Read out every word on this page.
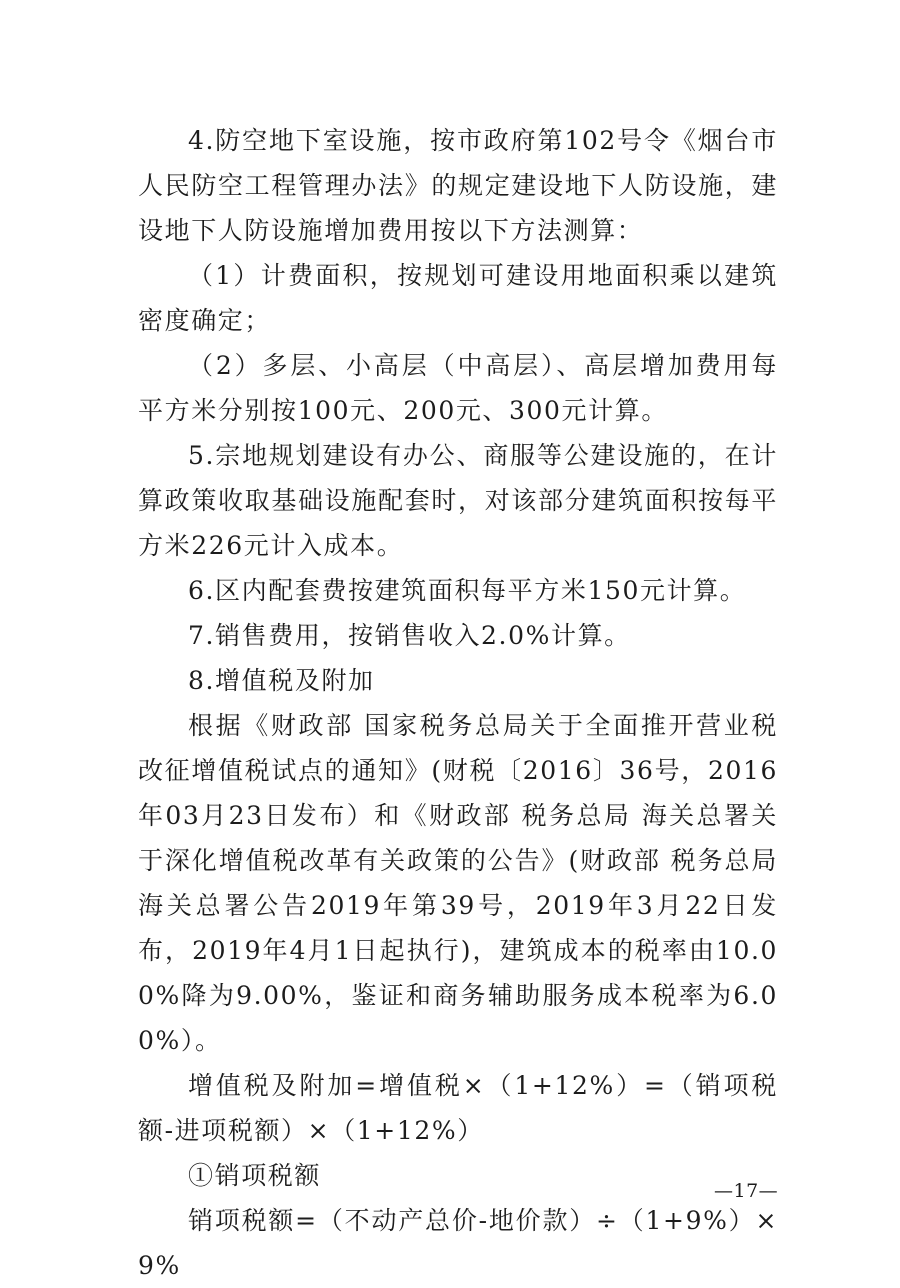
4.防空地下室设施，按市政府第102号令《烟台市人民防空工程管理办法》的规定建设地下人防设施，建设地下人防设施增加费用按以下方法测算：

（1）计费面积，按规划可建设用地面积乘以建筑密度确定；

（2）多层、小高层（中高层）、高层增加费用每平方米分别按100元、200元、300元计算。

5.宗地规划建设有办公、商服等公建设施的，在计算政策收取基础设施配套时，对该部分建筑面积按每平方米226元计入成本。

6.区内配套费按建筑面积每平方米150元计算。

7.销售费用，按销售收入2.0%计算。

8.增值税及附加

根据《财政部 国家税务总局关于全面推开营业税改征增值税试点的通知》(财税〔2016〕36号，2016年03月23日发布）和《财政部 税务总局 海关总署关于深化增值税改革有关政策的公告》(财政部 税务总局 海关总署公告2019年第39号，2019年3月22日发布，2019年4月1日起执行)，建筑成本的税率由10.00%降为9.00%，鉴证和商务辅助服务成本税率为6.00%）。

增值税及附加=增值税×（1+12%）=（销项税额-进项税额）×（1+12%）

①销项税额

销项税额=（不动产总价-地价款）÷（1+9%）×9%

—17—
